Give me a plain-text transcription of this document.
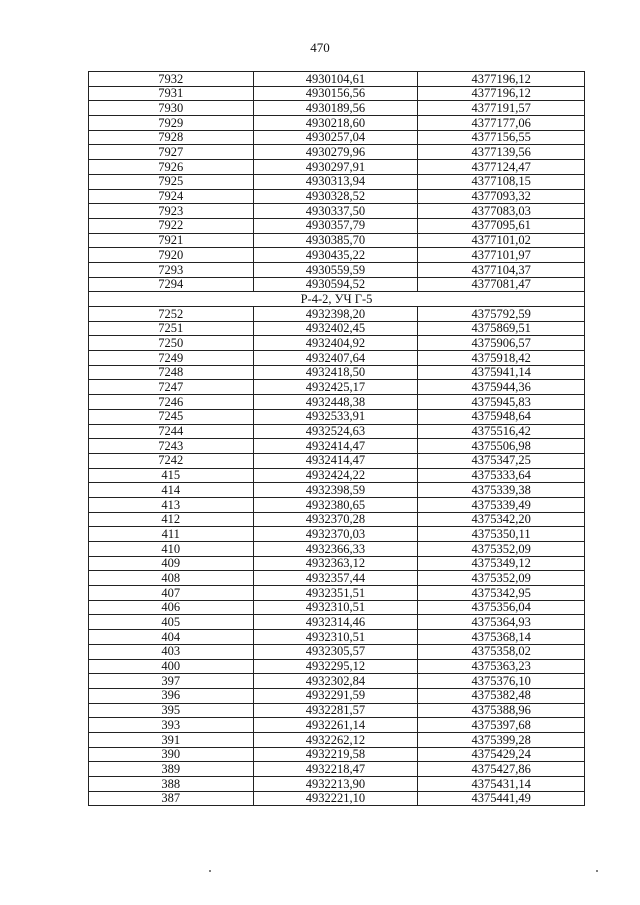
470
7932	4930104,61	4377196,12
7931	4930156,56	4377196,12
7930	4930189,56	4377191,57
7929	4930218,60	4377177,06
7928	4930257,04	4377156,55
7927	4930279,96	4377139,56
7926	4930297,91	4377124,47
7925	4930313,94	4377108,15
7924	4930328,52	4377093,32
7923	4930337,50	4377083,03
7922	4930357,79	4377095,61
7921	4930385,70	4377101,02
7920	4930435,22	4377101,97
7293	4930559,59	4377104,37
7294	4930594,52	4377081,47
Р-4-2, УЧ Г-5		
7252	4932398,20	4375792,59
7251	4932402,45	4375869,51
7250	4932404,92	4375906,57
7249	4932407,64	4375918,42
7248	4932418,50	4375941,14
7247	4932425,17	4375944,36
7246	4932448,38	4375945,83
7245	4932533,91	4375948,64
7244	4932524,63	4375516,42
7243	4932414,47	4375506,98
7242	4932414,47	4375347,25
415	4932424,22	4375333,64
414	4932398,59	4375339,38
413	4932380,65	4375339,49
412	4932370,28	4375342,20
411	4932370,03	4375350,11
410	4932366,33	4375352,09
409	4932363,12	4375349,12
408	4932357,44	4375352,09
407	4932351,51	4375342,95
406	4932310,51	4375356,04
405	4932314,46	4375364,93
404	4932310,51	4375368,14
403	4932305,57	4375358,02
400	4932295,12	4375363,23
397	4932302,84	4375376,10
396	4932291,59	4375382,48
395	4932281,57	4375388,96
393	4932261,14	4375397,68
391	4932262,12	4375399,28
390	4932219,58	4375429,24
389	4932218,47	4375427,86
388	4932213,90	4375431,14
387	4932221,10	4375441,49
